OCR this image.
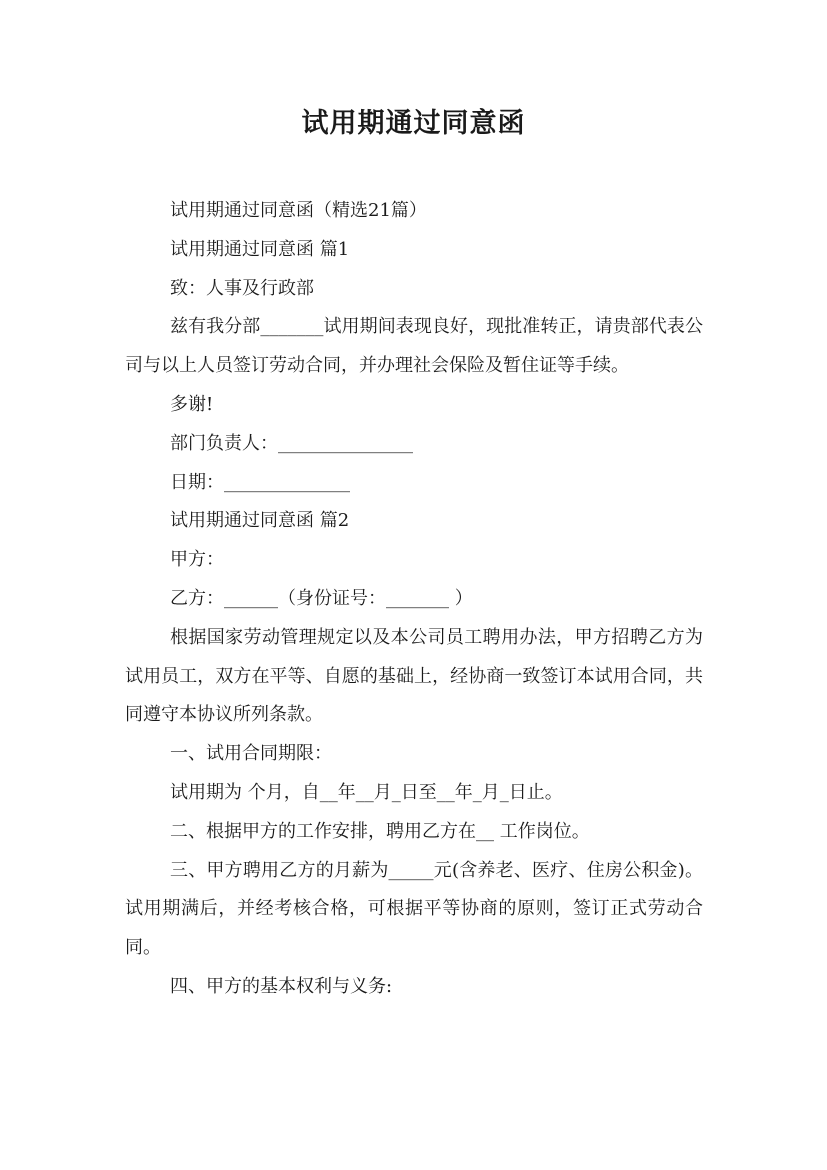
试用期通过同意函

试用期通过同意函（精选21篇）

试用期通过同意函 篇1

致：人事及行政部

兹有我分部_______试用期间表现良好，现批准转正，请贵部代表公司与以上人员签订劳动合同，并办理社会保险及暂住证等手续。

多谢!

部门负责人：_______________

日期：______________

试用期通过同意函 篇2

甲方：

乙方：______（身份证号：_______ ）

根据国家劳动管理规定以及本公司员工聘用办法，甲方招聘乙方为试用员工，双方在平等、自愿的基础上，经协商一致签订本试用合同，共同遵守本协议所列条款。

一、试用合同期限：

试用期为 个月，自__年__月_日至__年_月_日止。

二、根据甲方的工作安排，聘用乙方在__ 工作岗位。

三、甲方聘用乙方的月薪为_____元(含养老、医疗、住房公积金)。试用期满后，并经考核合格，可根据平等协商的原则，签订正式劳动合同。

四、甲方的基本权利与义务:
